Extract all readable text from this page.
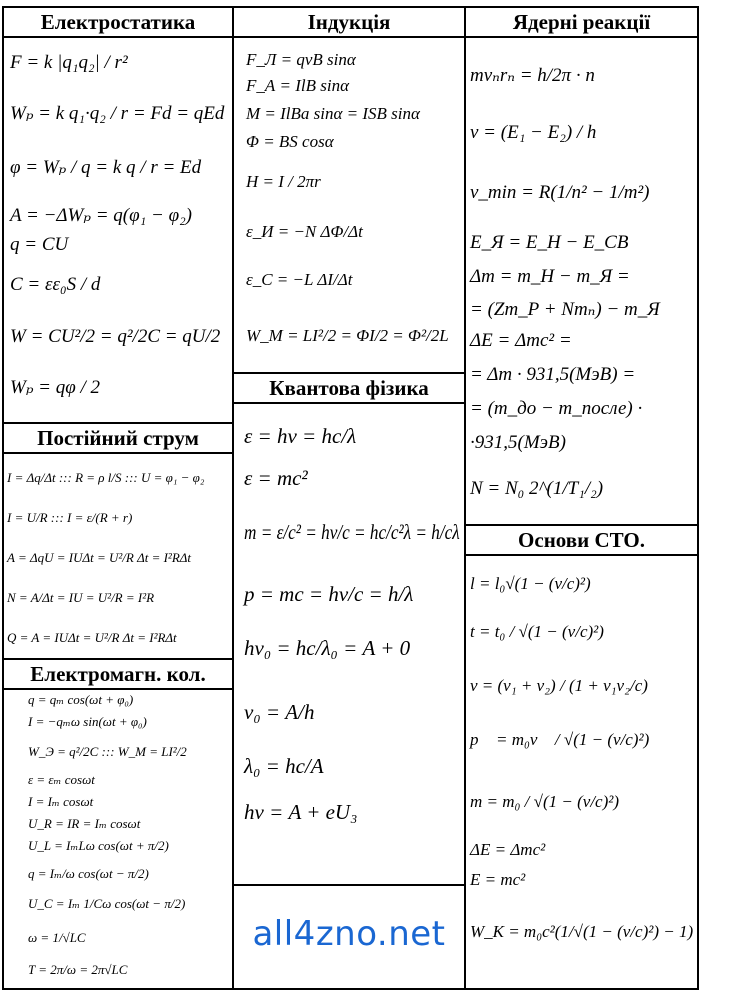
Електростатика
F = k |q₁q₂| / r²
Wₚ = k q₁·q₂ / r = Fd = qEd
φ = Wₚ / q = k q / r = Ed
A = −ΔWₚ = q(φ₁ − φ₂)
q = CU
C = εε₀S / d
W = CU²/2 = q²/2C = qU/2
Wₚ = qφ / 2
Постійний струм
I = Δq/Δt ::: R = ρ l/S ::: U = φ₁ − φ₂
I = U/R ::: I = ε/(R + r)
A = ΔqU = IUΔt = U²/R Δt = I²RΔt
N = A/Δt = IU = U²/R = I²R
Q = A = IUΔt = U²/R Δt = I²RΔt
Електромагн. кол.
q = qₘ cos(ωt + φ₀)
I = −qₘω sin(ωt + φ₀)
W_Э = q²/2C ::: W_М = LI²/2
ε = εₘ cosωt
I = Iₘ cosωt
U_R = IR = Iₘ cosωt
U_L = IₘLω cos(ωt + π/2)
q = Iₘ/ω cos(ωt − π/2)
U_C = Iₘ 1/Cω cos(ωt − π/2)
ω = 1/√LC
T = 2π/ω = 2π√LC
Індукція
F_Л = qvB sinα
F_А = IlB sinα
M = IlBa sinα = ISB sinα
Φ = BS cosα
H = I / 2πr
ε_И = −N ΔΦ/Δt
ε_C = −L ΔI/Δt
W_М = LI²/2 = ΦI/2 = Φ²/2L
Квантова фізика
ε = hν = hc/λ
ε = mc²
m = ε/c² = hν/c = hc/c²λ = h/cλ
p = mc = hν/c = h/λ
hν₀ = hc/λ₀ = A + 0
ν₀ = A/h
λ₀ = hc/A
hν = A + eU₃
all4zno.net
Ядерні реакції
mvₙrₙ = h/2π · n
ν = (E₁ − E₂) / h
ν_min = R(1/n² − 1/m²)
E_Я = E_Н − E_СВ
Δm = m_Н − m_Я =
= (Zm_P + Nmₙ) − m_Я
ΔE = Δmc² =
= Δm · 931,5(МэВ) =
= (m_до − m_после) ·
·931,5(МэВ)
N = N₀ 2^(1/T₁/₂)
Основи СТО.
l = l₀√(1 − (v/c)²)
t = t₀ / √(1 − (v/c)²)
v = (v₁ + v₂) / (1 + v₁v₂/c)
p⃗ = m₀v⃗ / √(1 − (v/c)²)
m = m₀ / √(1 − (v/c)²)
ΔE = Δmc²
E = mc²
W_К = m₀c²(1/√(1 − (v/c)²) − 1)
